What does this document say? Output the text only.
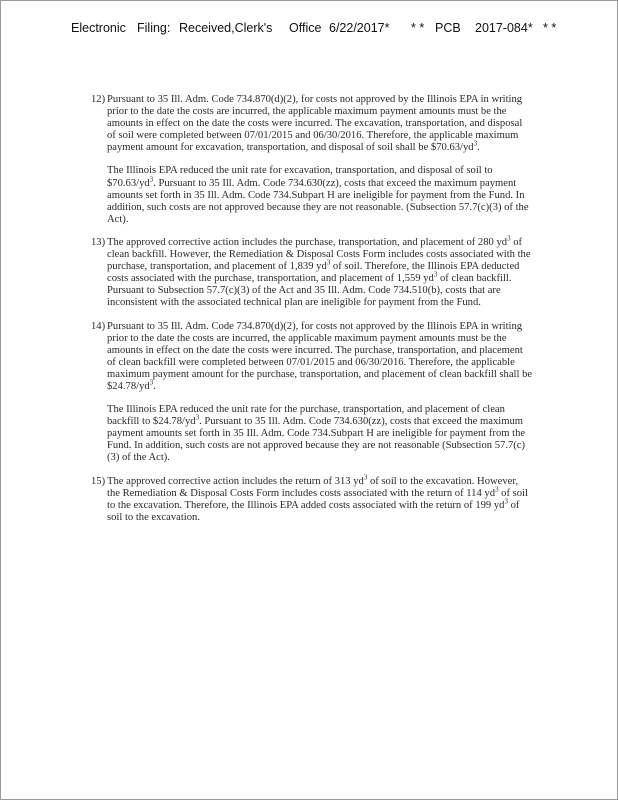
Electronic Filing: Received,Clerk's Office 6/22/2017* * * PCB 2017-084* * *
12) Pursuant to 35 Ill. Adm. Code 734.870(d)(2), for costs not approved by the Illinois EPA in writing prior to the date the costs are incurred, the applicable maximum payment amounts must be the amounts in effect on the date the costs were incurred. The excavation, transportation, and disposal of soil were completed between 07/01/2015 and 06/30/2016. Therefore, the applicable maximum payment amount for excavation, transportation, and disposal of soil shall be $\$70.63/yd^3$.

The Illinois EPA reduced the unit rate for excavation, transportation, and disposal of soil to $\$70.63/yd^3$. Pursuant to 35 Ill. Adm. Code 734.630(zz), costs that exceed the maximum payment amounts set forth in 35 Ill. Adm. Code 734.Subpart H are ineligible for payment from the Fund. In addition, such costs are not approved because they are not reasonable. (Subsection 57.7(c)(3) of the Act).

13) The approved corrective action includes the purchase, transportation, and placement of 280 $yd^3$ of clean backfill. However, the Remediation & Disposal Costs Form includes costs associated with the purchase, transportation, and placement of 1,839 $yd^3$ of soil. Therefore, the Illinois EPA deducted costs associated with the purchase, transportation, and placement of 1,559 $yd^3$ of clean backfill. Pursuant to Subsection 57.7(c)(3) of the Act and 35 Ill. Adm. Code 734.510(b), costs that are inconsistent with the associated technical plan are ineligible for payment from the Fund.

14) Pursuant to 35 Ill. Adm. Code 734.870(d)(2), for costs not approved by the Illinois EPA in writing prior to the date the costs are incurred, the applicable maximum payment amounts must be the amounts in effect on the date the costs were incurred. The purchase, transportation, and placement of clean backfill were completed between 07/01/2015 and 06/30/2016. Therefore, the applicable maximum payment amount for the purchase, transportation, and placement of clean backfill shall be $\$24.78/yd^3$.

The Illinois EPA reduced the unit rate for the purchase, transportation, and placement of clean backfill to $\$24.78/yd^3$. Pursuant to 35 Ill. Adm. Code 734.630(zz), costs that exceed the maximum payment amounts set forth in 35 Ill. Adm. Code 734.Subpart H are ineligible for payment from the Fund. In addition, such costs are not approved because they are not reasonable (Subsection 57.7(c)(3) of the Act).

15) The approved corrective action includes the return of 313 $yd^3$ of soil to the excavation. However, the Remediation & Disposal Costs Form includes costs associated with the return of 114 $yd^3$ of soil to the excavation. Therefore, the Illinois EPA added costs associated with the return of 199 $yd^3$ of soil to the excavation.
